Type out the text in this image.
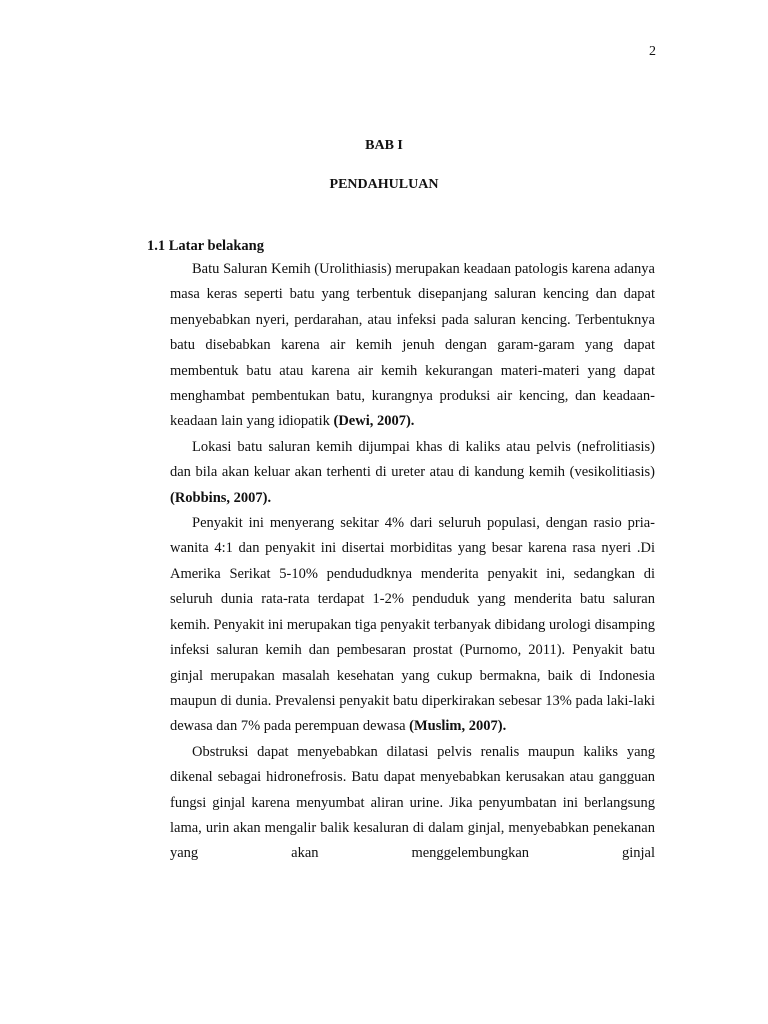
2
BAB I
PENDAHULUAN
1.1 Latar belakang

Batu Saluran Kemih (Urolithiasis) merupakan keadaan patologis karena adanya masa keras seperti batu yang terbentuk disepanjang saluran kencing dan dapat menyebabkan nyeri, perdarahan, atau infeksi pada saluran kencing. Terbentuknya batu disebabkan karena air kemih jenuh dengan garam-garam yang dapat membentuk batu atau karena air kemih kekurangan materi-materi yang dapat menghambat pembentukan batu, kurangnya produksi air kencing, dan keadaan-keadaan lain yang idiopatik (Dewi, 2007).

Lokasi batu saluran kemih dijumpai khas di kaliks atau pelvis (nefrolitiasis) dan bila akan keluar akan terhenti di ureter atau di kandung kemih (vesikolitiasis) (Robbins, 2007).

Penyakit ini menyerang sekitar 4% dari seluruh populasi, dengan rasio pria-wanita 4:1 dan penyakit ini disertai morbiditas yang besar karena rasa nyeri .Di Amerika Serikat 5-10% pendududknya menderita penyakit ini, sedangkan di seluruh dunia rata-rata terdapat 1-2% penduduk yang menderita batu saluran kemih. Penyakit ini merupakan tiga penyakit terbanyak dibidang urologi disamping infeksi saluran kemih dan pembesaran prostat (Purnomo, 2011). Penyakit batu ginjal merupakan masalah kesehatan yang cukup bermakna, baik di Indonesia maupun di dunia. Prevalensi penyakit batu diperkirakan sebesar 13% pada laki-laki dewasa dan 7% pada perempuan dewasa (Muslim, 2007).

Obstruksi dapat menyebabkan dilatasi pelvis renalis maupun kaliks yang dikenal sebagai hidronefrosis. Batu dapat menyebabkan kerusakan atau gangguan fungsi ginjal karena menyumbat aliran urine. Jika penyumbatan ini berlangsung lama, urin akan mengalir balik kesaluran di dalam ginjal, menyebabkan penekanan yang akan menggelembungkan ginjal
